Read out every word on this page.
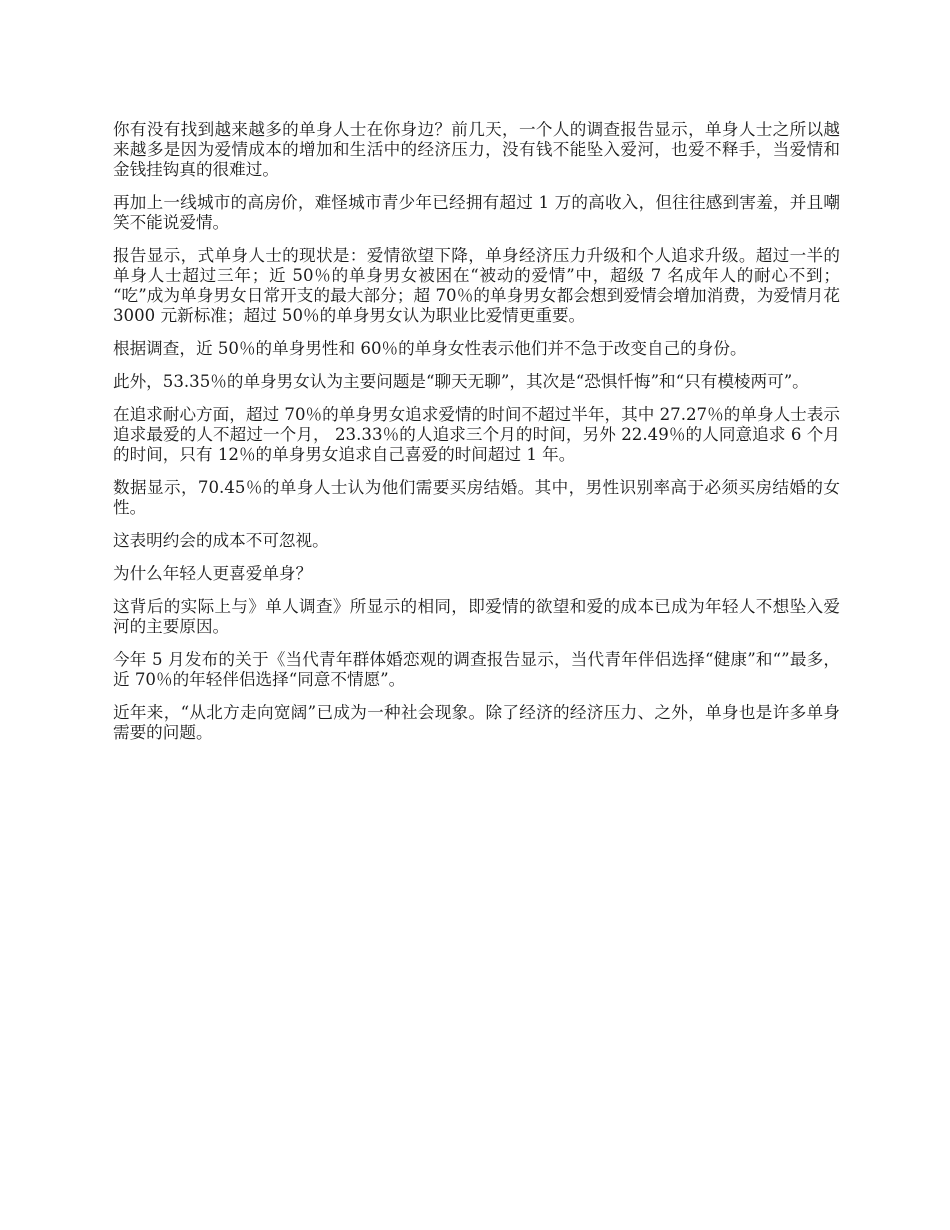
你有没有找到越来越多的单身人士在你身边？前几天，一个人的调查报告显示，单身人士之所以越来越多是因为爱情成本的增加和生活中的经济压力，没有钱不能坠入爱河，也爱不释手，当爱情和金钱挂钩真的很难过。

再加上一线城市的高房价，难怪城市青少年已经拥有超过 1 万的高收入，但往往感到害羞，并且嘲笑不能说爱情。

报告显示，式单身人士的现状是：爱情欲望下降，单身经济压力升级和个人追求升级。超过一半的单身人士超过三年；近 50％的单身男女被困在“被动的爱情”中，超级 7 名成年人的耐心不到； “吃”成为单身男女日常开支的最大部分；超 70％的单身男女都会想到爱情会增加消费，为爱情月花 3000 元新标准；超过 50％的单身男女认为职业比爱情更重要。

根据调查，近 50％的单身男性和 60％的单身女性表示他们并不急于改变自己的身份。

此外，53.35％的单身男女认为主要问题是“聊天无聊”，其次是“恐惧忏悔”和“只有模棱两可”。

在追求耐心方面，超过 70％的单身男女追求爱情的时间不超过半年，其中 27.27％的单身人士表示追求最爱的人不超过一个月， 23.33％的人追求三个月的时间，另外 22.49％的人同意追求 6 个月的时间，只有 12％的单身男女追求自己喜爱的时间超过 1 年。

数据显示，70.45％的单身人士认为他们需要买房结婚。其中，男性识别率高于必须买房结婚的女性。

这表明约会的成本不可忽视。

为什么年轻人更喜爱单身？

这背后的实际上与》单人调查》所显示的相同，即爱情的欲望和爱的成本已成为年轻人不想坠入爱河的主要原因。

今年 5 月发布的关于《当代青年群体婚恋观的调查报告显示，当代青年伴侣选择“健康”和“”最多，近 70％的年轻伴侣选择“同意不情愿”。

近年来，“从北方走向宽阔”已成为一种社会现象。除了经济的经济压力、之外，单身也是许多单身需要的问题。
